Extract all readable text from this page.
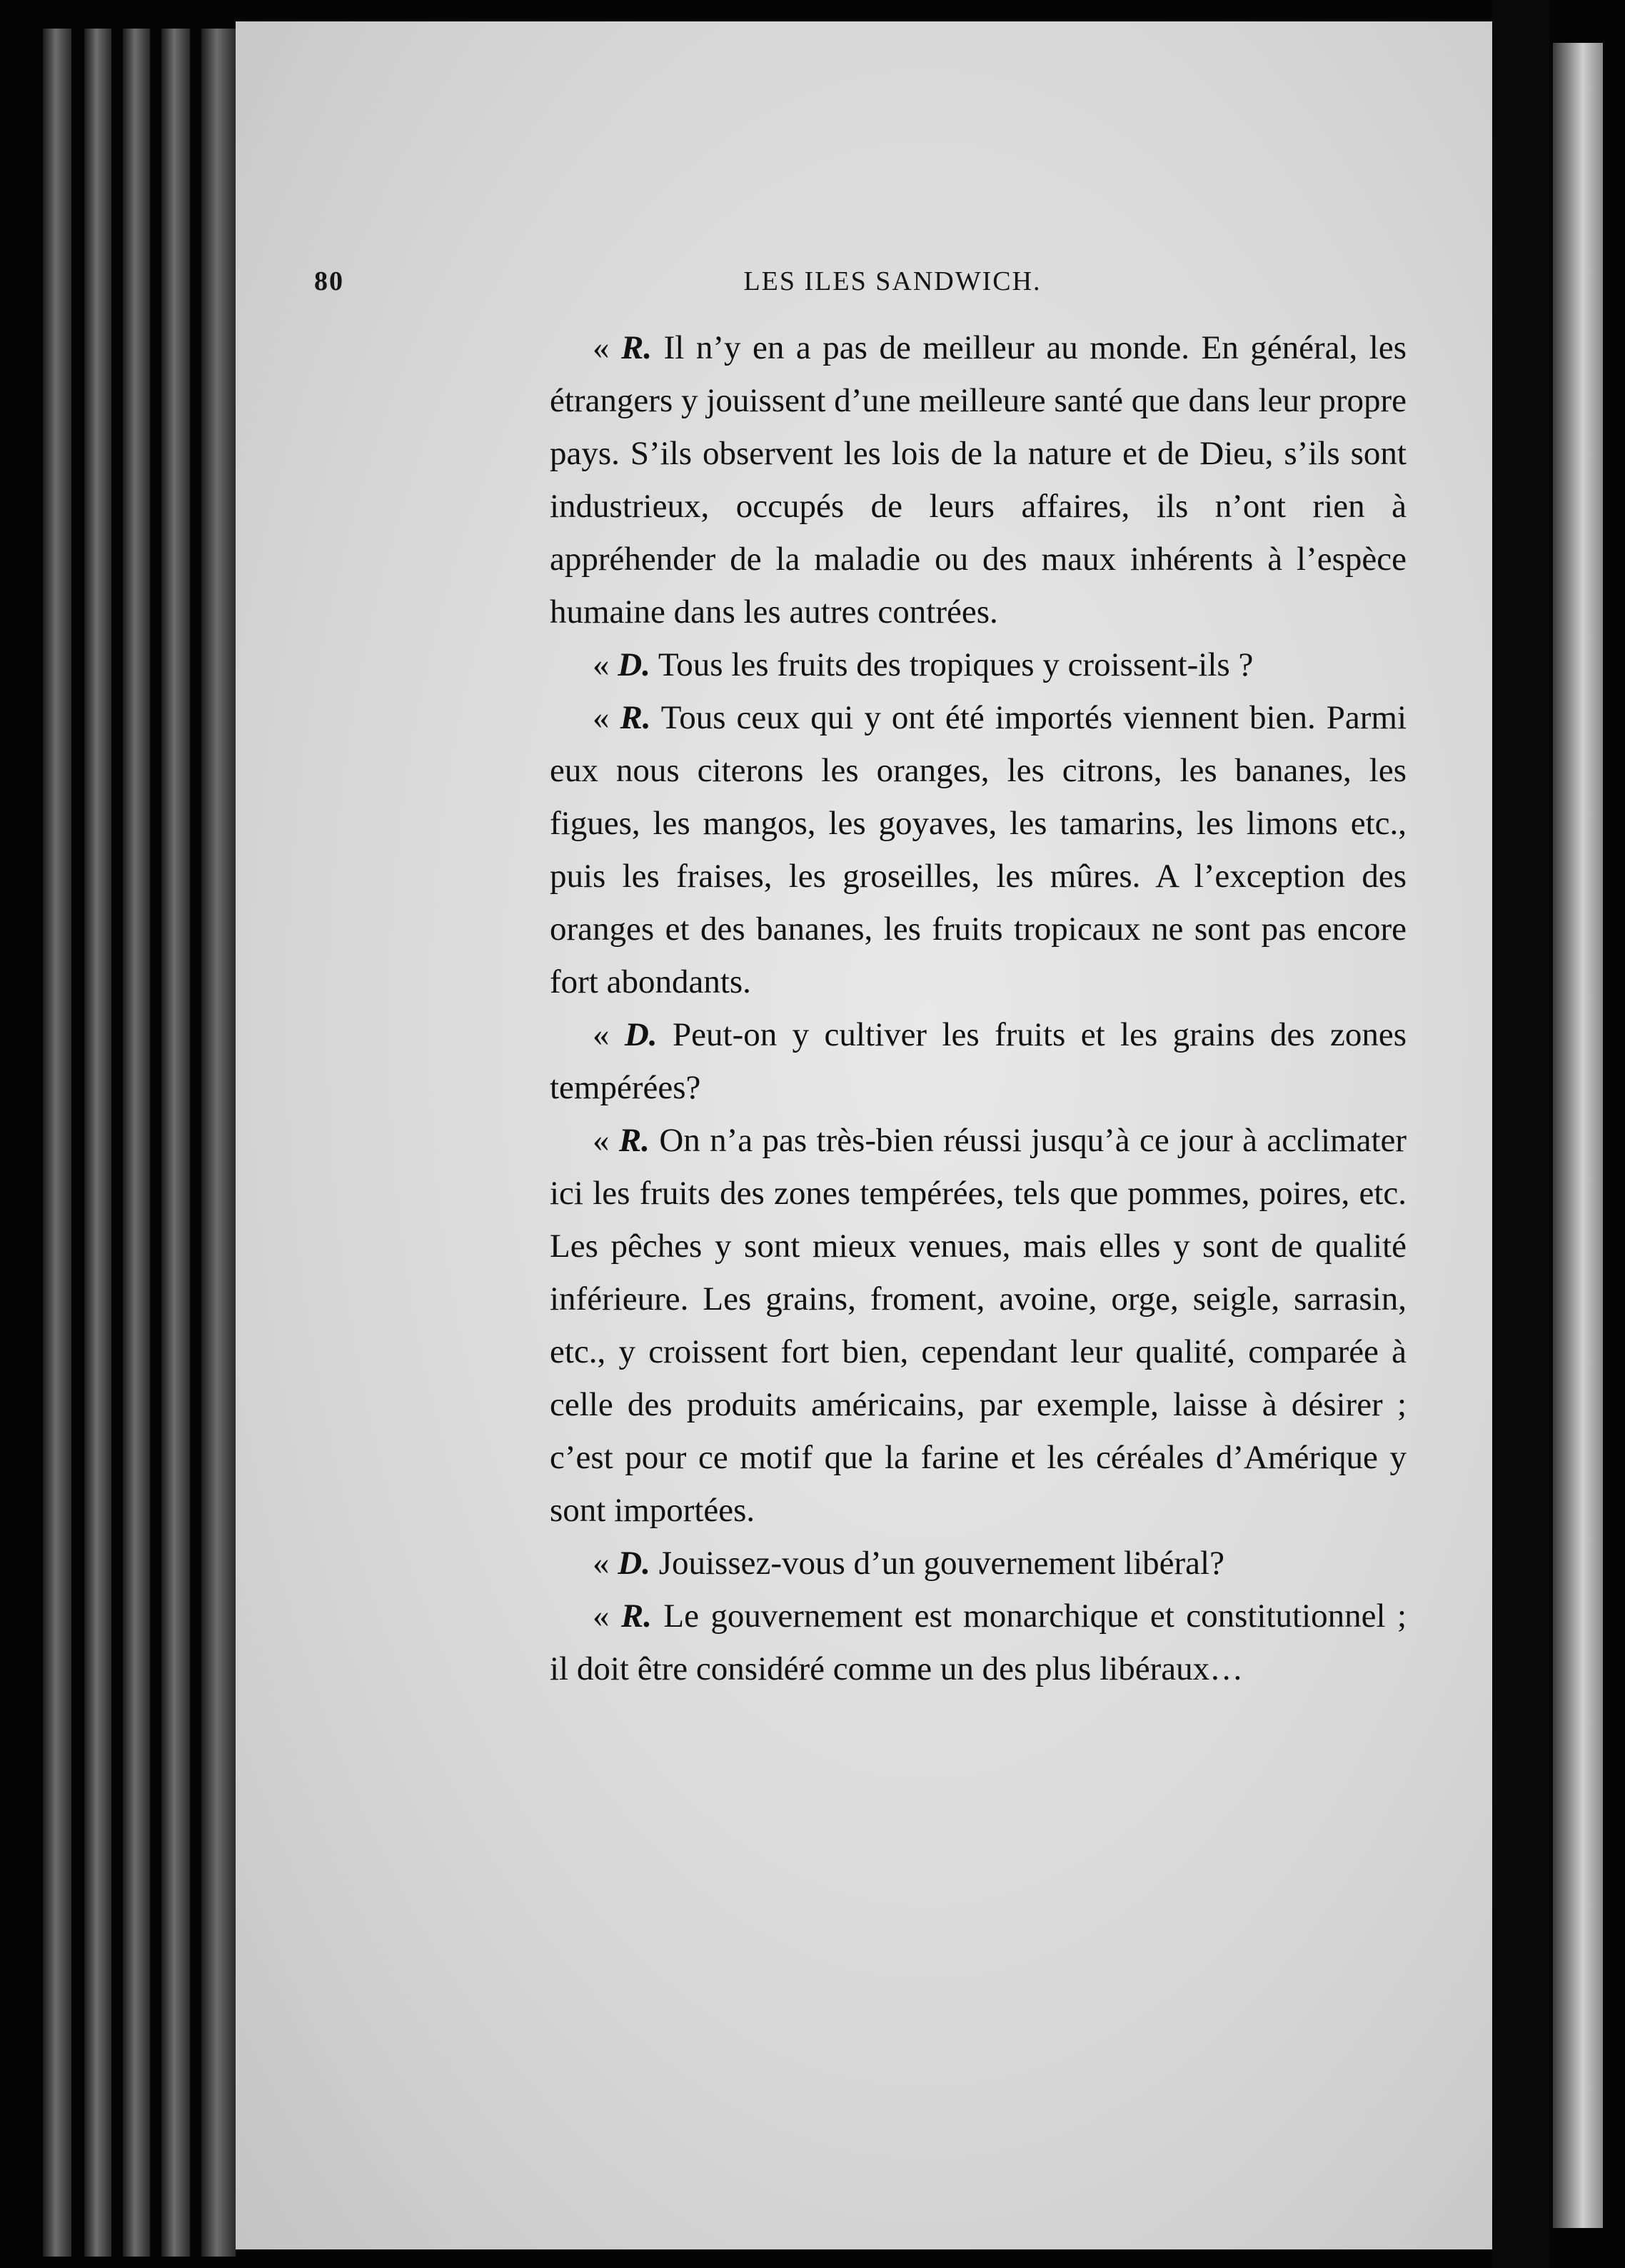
80	LES ILES SANDWICH.

« R. Il n’y en a pas de meilleur au monde. En général, les étrangers y jouissent d’une meilleure santé que dans leur propre pays. S’ils observent les lois de la nature et de Dieu, s’ils sont industrieux, occupés de leurs affaires, ils n’ont rien à appréhender de la maladie ou des maux inhérents à l’espèce humaine dans les autres contrées.

« D. Tous les fruits des tropiques y croissent-ils ?

« R. Tous ceux qui y ont été importés viennent bien. Parmi eux nous citerons les oranges, les citrons, les bananes, les figues, les mangos, les goyaves, les tamarins, les limons etc., puis les fraises, les groseilles, les mûres. A l’exception des oranges et des bananes, les fruits tropicaux ne sont pas encore fort abondants.

« D. Peut-on y cultiver les fruits et les grains des zones tempérées?

« R. On n’a pas très-bien réussi jusqu’à ce jour à acclimater ici les fruits des zones tempérées, tels que pommes, poires, etc. Les pêches y sont mieux venues, mais elles y sont de qualité inférieure. Les grains, froment, avoine, orge, seigle, sarrasin, etc., y croissent fort bien, cependant leur qualité, comparée à celle des produits américains, par exemple, laisse à désirer ; c’est pour ce motif que la farine et les céréales d’Amérique y sont importées.

« D. Jouissez-vous d’un gouvernement libéral?

« R. Le gouvernement est monarchique et constitutionnel ; il doit être considéré comme un des plus libéraux…
